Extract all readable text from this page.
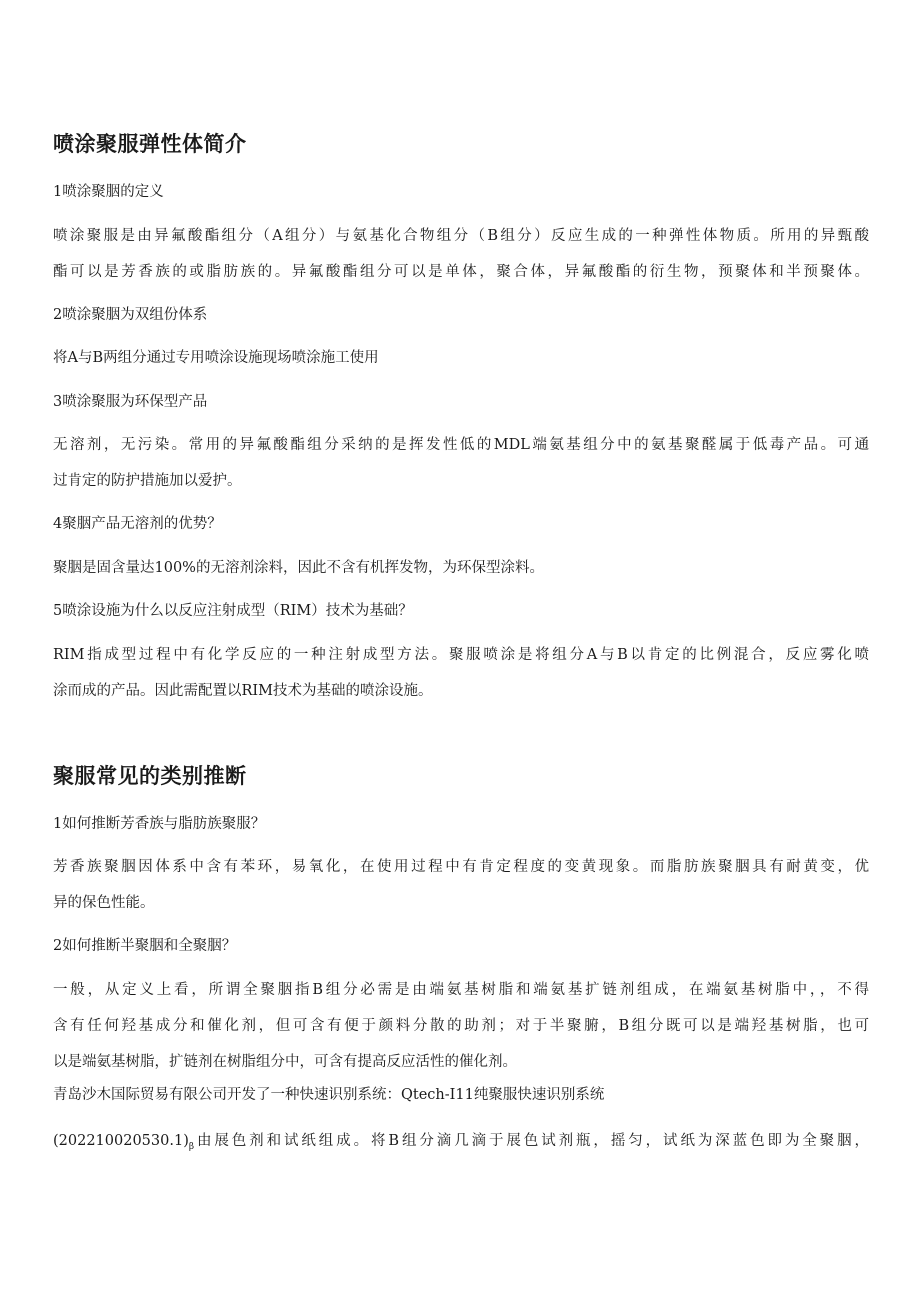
喷涂聚服弹性体简介
1喷涂聚胭的定义
喷涂聚服是由异氟酸酯组分（A组分）与氨基化合物组分（B组分）反应生成的一种弹性体物质。所用的异甄酸
酯可以是芳香族的或脂肪族的。异氟酸酯组分可以是单体，聚合体，异氟酸酯的衍生物，预聚体和半预聚体。
2喷涂聚胭为双组份体系
将A与B两组分通过专用喷涂设施现场喷涂施工使用
3喷涂聚服为环保型产品
无溶剂，无污染。常用的异氟酸酯组分采纳的是挥发性低的MDL端氨基组分中的氨基聚醛属于低毒产品。可通
过肯定的防护措施加以爱护。
4聚胭产品无溶剂的优势？
聚胭是固含量达100%的无溶剂涂料，因此不含有机挥发物，为环保型涂料。
5喷涂设施为什么以反应注射成型（RIM）技术为基础？
RIM指成型过程中有化学反应的一种注射成型方法。聚服喷涂是将组分A与B以肯定的比例混合，反应雾化喷
涂而成的产品。因此需配置以RIM技术为基础的喷涂设施。
聚服常见的类别推断
1如何推断芳香族与脂肪族聚服？
芳香族聚胭因体系中含有苯环，易氧化，在使用过程中有肯定程度的变黄现象。而脂肪族聚胭具有耐黄变，优
异的保色性能。
2如何推断半聚胭和全聚胭？
一般，从定义上看，所谓全聚胭指B组分必需是由端氨基树脂和端氨基扩链剂组成，在端氨基树脂中，，不得
含有任何羟基成分和催化剂，但可含有便于颜料分散的助剂；对于半聚腑，B组分既可以是端羟基树脂，也可
以是端氨基树脂，扩链剂在树脂组分中，可含有提高反应活性的催化剂。
青岛沙木国际贸易有限公司开发了一种快速识别系统：Qtech-I11纯聚服快速识别系统
$(202210020530.1)_\beta$由展色剂和试纸组成。将B组分滴几滴于展色试剂瓶，摇匀，试纸为深蓝色即为全聚胭，
